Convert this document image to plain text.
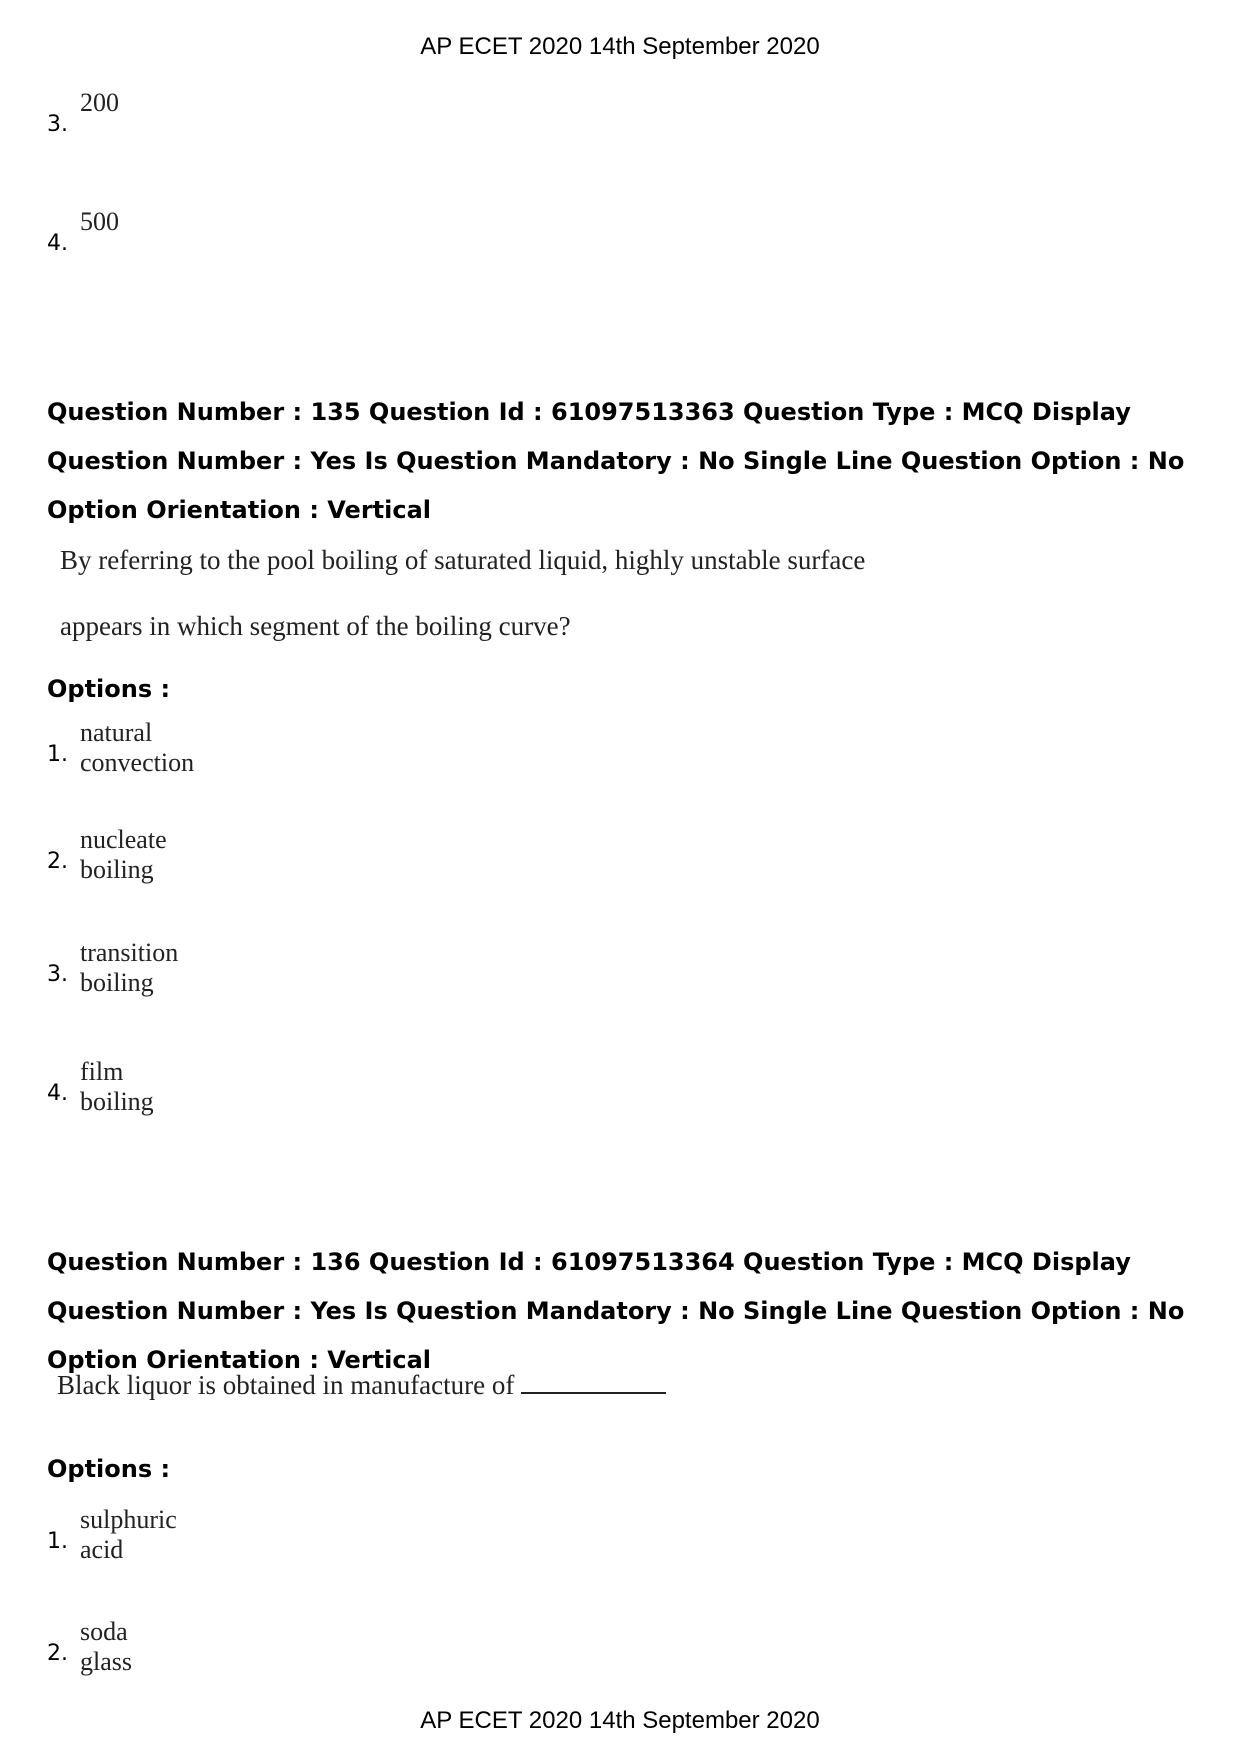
AP ECET 2020 14th September 2020
3.
200
4.
500
Question Number : 135 Question Id : 61097513363 Question Type : MCQ Display Question Number : Yes Is Question Mandatory : No Single Line Question Option : No Option Orientation : Vertical
By referring to the pool boiling of saturated liquid, highly unstable surface
appears in which segment of the boiling curve?
Options :
1.
natural convection
2.
nucleate boiling
3.
transition boiling
4.
film boiling
Question Number : 136 Question Id : 61097513364 Question Type : MCQ Display Question Number : Yes Is Question Mandatory : No Single Line Question Option : No Option Orientation : Vertical
Black liquor is obtained in manufacture of
Options :
1.
sulphuric acid
2.
soda glass
AP ECET 2020 14th September 2020
